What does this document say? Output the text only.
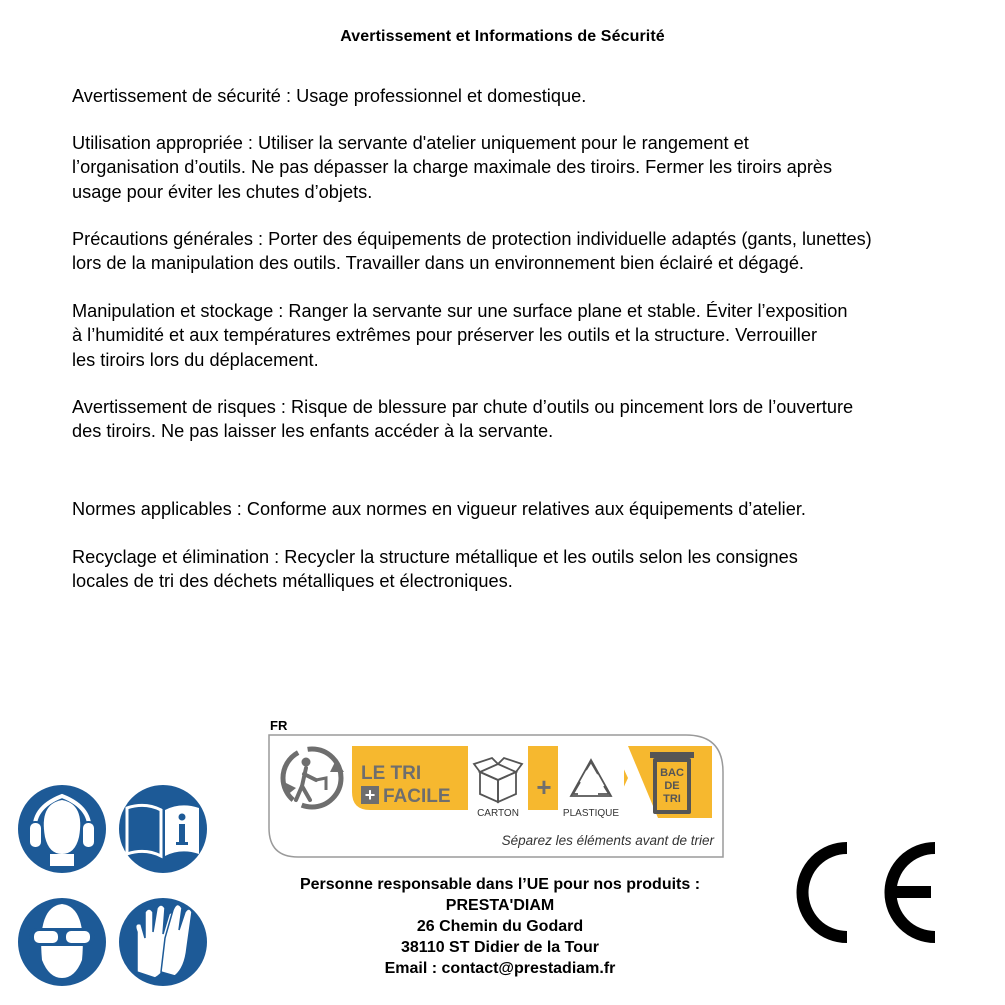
Avertissement et Informations de Sécurité

Avertissement de sécurité : Usage professionnel et domestique.

Utilisation appropriée : Utiliser la servante d'atelier uniquement pour le rangement et
l’organisation d’outils. Ne pas dépasser la charge maximale des tiroirs. Fermer les tiroirs après
usage pour éviter les chutes d’objets.

Précautions générales : Porter des équipements de protection individuelle adaptés (gants, lunettes)
lors de la manipulation des outils. Travailler dans un environnement bien éclairé et dégagé.

Manipulation et stockage : Ranger la servante sur une surface plane et stable. Éviter l’exposition
à l’humidité et aux températures extrêmes pour préserver les outils et la structure. Verrouiller
les tiroirs lors du déplacement.

Avertissement de risques : Risque de blessure par chute d’outils ou pincement lors de l’ouverture
des tiroirs. Ne pas laisser les enfants accéder à la servante.

Normes applicables : Conforme aux normes en vigueur relatives aux équipements d’atelier.

Recyclage et élimination : Recycler la structure métallique et les outils selon les consignes
locales de tri des déchets métalliques et électroniques.

FR
LE TRI
+ FACILE
CARTON
+
PLASTIQUE
BAC
DE
TRI
Séparez les éléments avant de trier
Personne responsable dans l’UE pour nos produits :
PRESTA'DIAM
26 Chemin du Godard
38110 ST Didier de la Tour
Email : contact@prestadiam.fr
